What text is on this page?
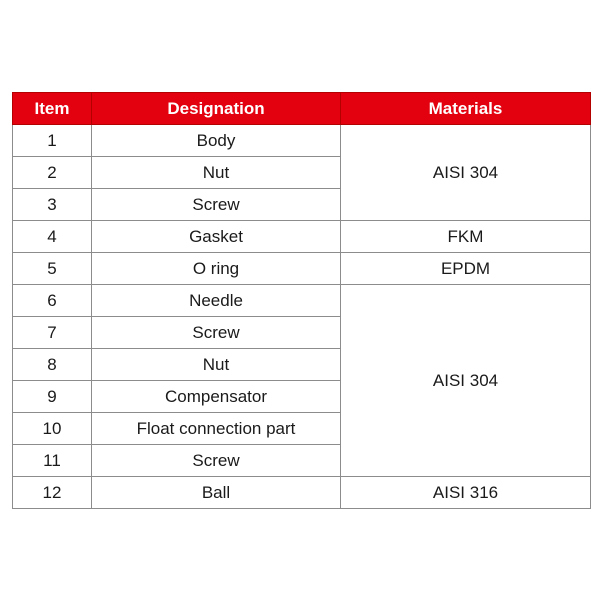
Item	Designation	Materials
1	Body	AISI 304
2	Nut	
3	Screw	
4	Gasket	FKM
5	O ring	EPDM
6	Needle	AISI 304
7	Screw	
8	Nut	
9	Compensator	
10	Float connection part	
11	Screw	
12	Ball	AISI 316
